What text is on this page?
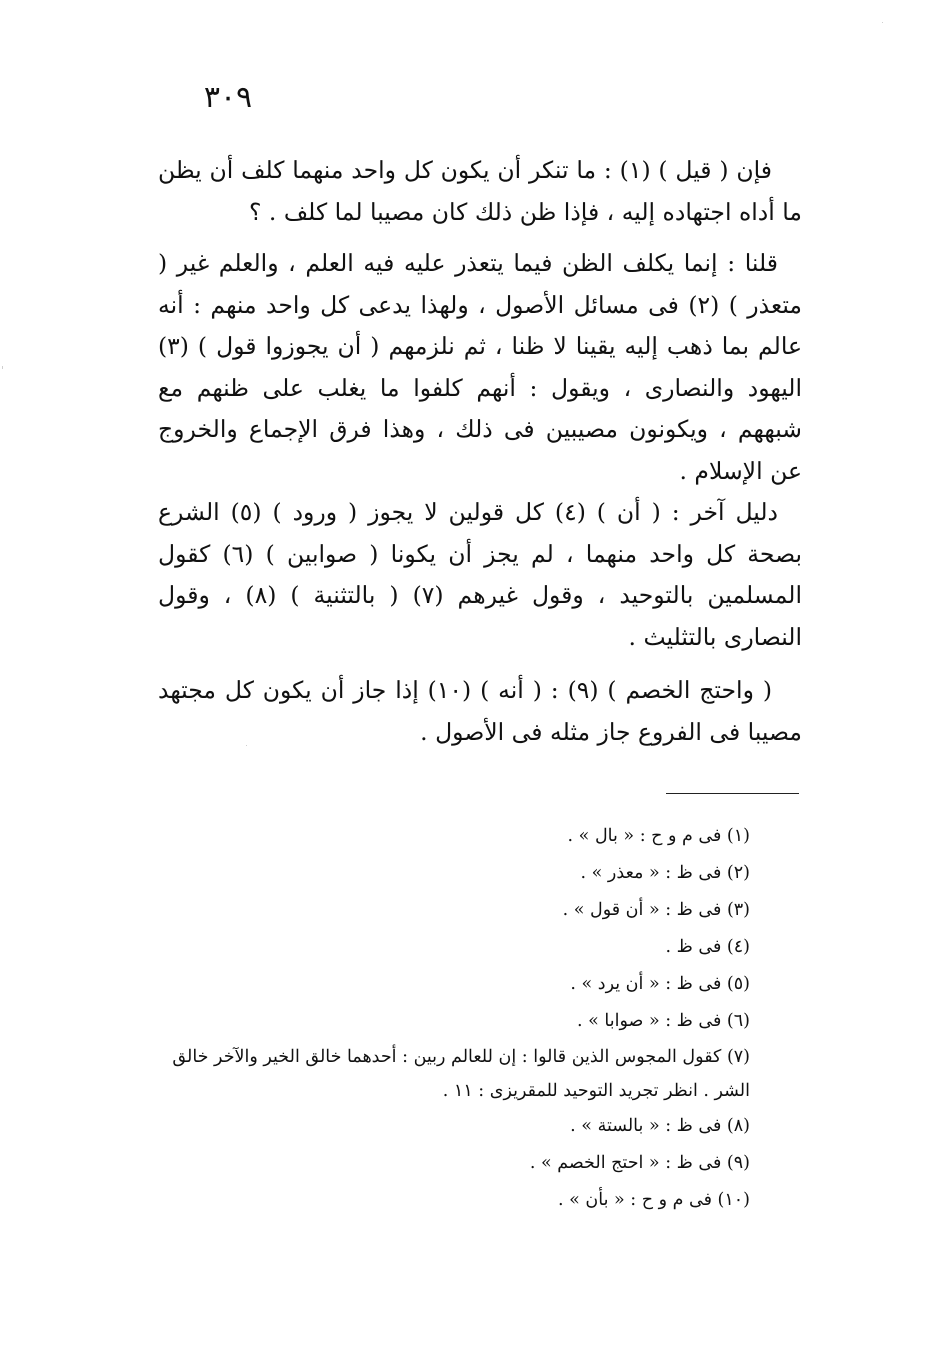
٣٠٩

فإن ( قيل ) (١) : ما تنكر أن يكون كل واحد منهما كلف أن يظن ما أداه اجتهاده إليه ، فإذا ظن ذلك كان مصيبا لما كلف . ؟

قلنا : إنما يكلف الظن فيما يتعذر عليه فيه العلم ، والعلم غير ( متعذر ) (٢) فى مسائل الأصول ، ولهذا يدعى كل واحد منهم : أنه عالم بما ذهب إليه يقينا لا ظنا ، ثم نلزمهم ( أن يجوزوا قول ) (٣) اليهود والنصارى ، ويقول : أنهم كلفوا ما يغلب على ظنهم مع شبههم ، ويكونون مصيبين فى ذلك ، وهذا فرق الإجماع والخروج عن الإسلام .

دليل آخر : ( أن ) (٤) كل قولين لا يجوز ( ورود ) (٥) الشرع بصحة كل واحد منهما ، لم يجز أن يكونا ( صوابين ) (٦) كقول المسلمين بالتوحيد ، وقول غيرهم (٧) ( بالتثنية ) (٨) ، وقول النصارى بالتثليث .

( واحتج الخصم ) (٩) : ( أنه ) (١٠) إذا جاز أن يكون كل مجتهد مصيبا فى الفروع جاز مثله فى الأصول .

(١) فى م و ح : « بال » .
(٢) فى ظ : « معذر » .
(٣) فى ظ : « أن قول » .
(٤) فى ظ .
(٥) فى ظ : « أن يرد » .
(٦) فى ظ : « صوابا » .
(٧) كقول المجوس الذين قالوا : إن للعالم ربين : أحدهما خالق الخير والآخر خالق الشر . انظر تجريد التوحيد للمقريزى : ١١ .
(٨) فى ظ : « بالستة » .
(٩) فى ظ : « احتج الخصم » .
(١٠) فى م و ح : « بأن » .
